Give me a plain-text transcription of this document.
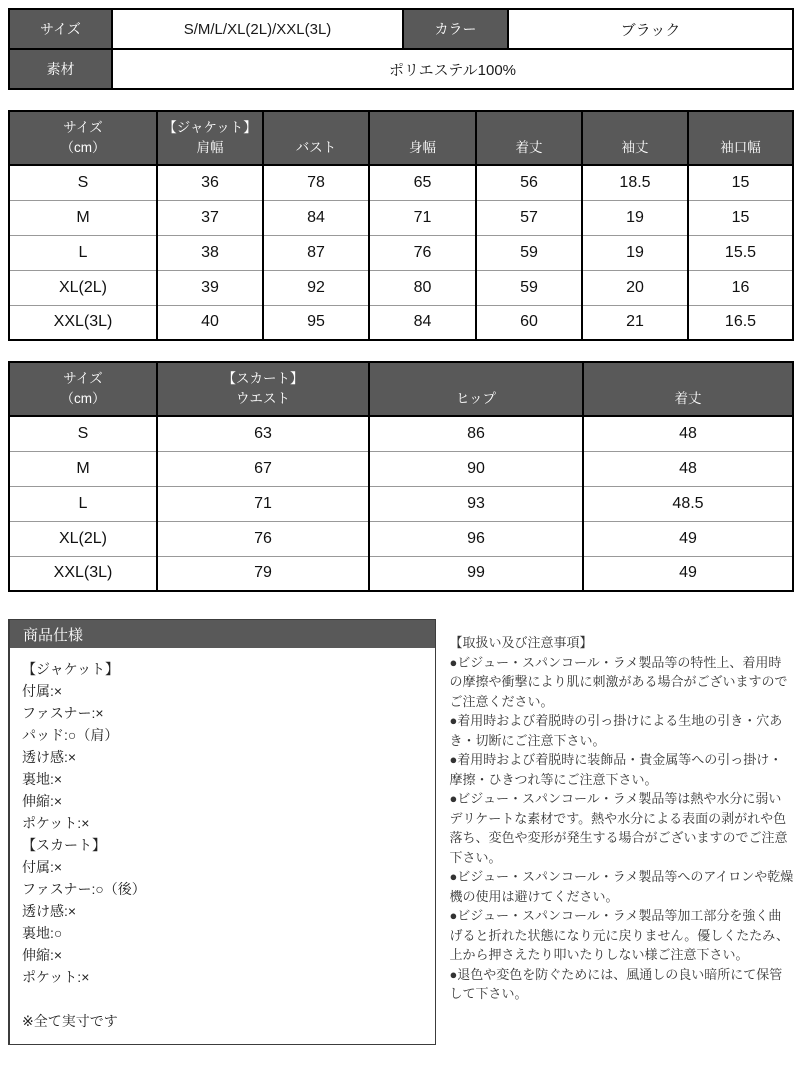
サイズ	S/M/L/XL(2L)/XXL(3L)	カラー	ブラック
素材	ポリエステル100%		
サイズ
（cm）

【ジャケット】
肩幅	バスト	身幅	着丈	袖丈	袖口幅

S	36	78	65	56	18.5	15
M	37	84	71	57	19	15
L	38	87	76	59	19	15.5
XL(2L)	39	92	80	59	20	16
XXL(3L)	40	95	84	60	21	16.5
サイズ
（cm）

【スカート】
ウエスト	ヒップ	着丈

S	63	86	48
M	67	90	48
L	71	93	48.5
XL(2L)	76	96	49
XXL(3L)	79	99	49
商品仕様
【ジャケット】
付属:×
ファスナー:×
パッド:○（肩）
透け感:×
裏地:×
伸縮:×
ポケット:×
【スカート】
付属:×
ファスナー:○（後）
透け感:×
裏地:○
伸縮:×
ポケット:×
※全て実寸です

【取扱い及び注意事項】

●ビジュー・スパンコール・ラメ製品等の特性上、着用時の摩擦や衝撃により肌に刺激がある場合がございますのでご注意ください。

●着用時および着脱時の引っ掛けによる生地の引き・穴あき・切断にご注意下さい。

●着用時および着脱時に装飾品・貴金属等への引っ掛け・摩擦・ひきつれ等にご注意下さい。

●ビジュー・スパンコール・ラメ製品等は熱や水分に弱いデリケートな素材です。熱や水分による表面の剥がれや色落ち、変色や変形が発生する場合がございますのでご注意下さい。

●ビジュー・スパンコール・ラメ製品等へのアイロンや乾燥機の使用は避けてください。

●ビジュー・スパンコール・ラメ製品等加工部分を強く曲げると折れた状態になり元に戻りません。優しくたたみ、上から押さえたり叩いたりしない様ご注意下さい。

●退色や変色を防ぐためには、風通しの良い暗所にて保管して下さい。
